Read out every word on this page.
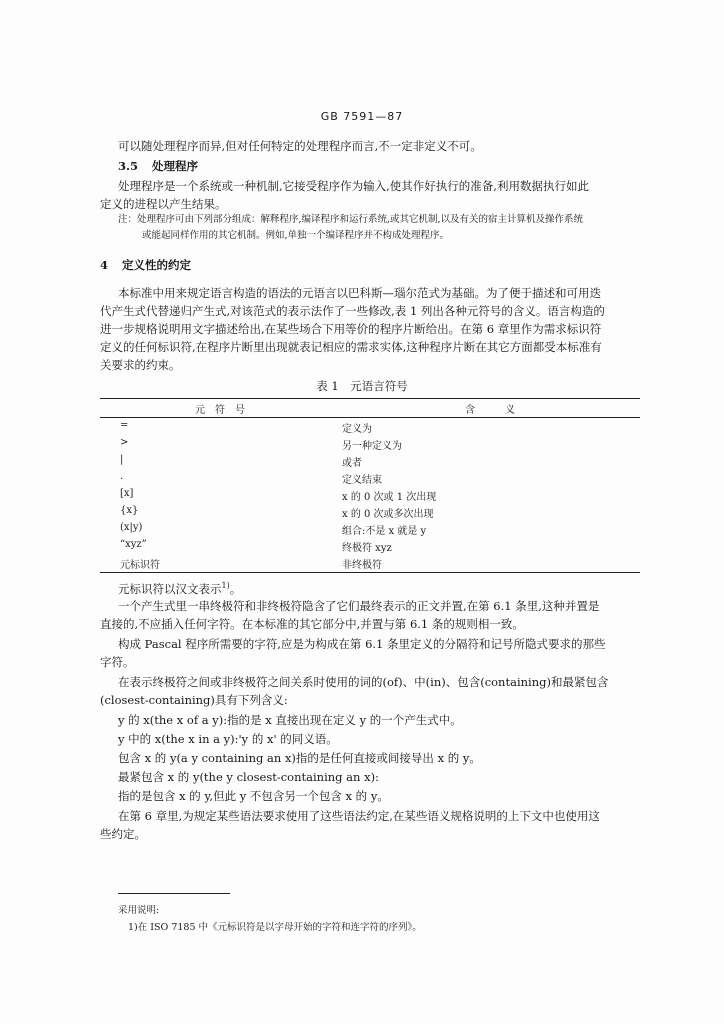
GB 7591—87
可以随处理程序而异,但对任何特定的处理程序而言,不一定非定义不可。
3.5 处理程序
处理程序是一个系统或一种机制,它接受程序作为输入,使其作好执行的准备,利用数据执行如此
定义的进程以产生结果。
注：处理程序可由下列部分组成：解释程序,编译程序和运行系统,或其它机制,以及有关的宿主计算机及操作系统
或能起同样作用的其它机制。例如,单独一个编译程序并不构成处理程序。
4 定义性的约定
本标准中用来规定语言构造的语法的元语言以巴科斯—瑙尔范式为基础。为了便于描述和可用迭
代产生式代替递归产生式,对该范式的表示法作了一些修改,表 1 列出各种元符号的含义。语言构造的
进一步规格说明用文字描述给出,在某些场合下用等价的程序片断给出。在第 6 章里作为需求标识符
定义的任何标识符,在程序片断里出现就表记相应的需求实体,这种程序片断在其它方面都受本标准有
关要求的约束。
表 1　元语言符号
元　符　号	含　　　义
=	定义为
>	另一种定义为
|	或者
.	定义结束
[x]	x 的 0 次或 1 次出现
{x}	x 的 0 次或多次出现
(x|y)	组合:不是 x 就是 y
“xyz”	终极符 xyz
元标识符	非终极符
元标识符以汉文表示$^{1)}$。
一个产生式里一串终极符和非终极符隐含了它们最终表示的正文并置,在第 6.1 条里,这种并置是
直接的,不应插入任何字符。在本标准的其它部分中,并置与第 6.1 条的规则相一致。
构成 Pascal 程序所需要的字符,应是为构成在第 6.1 条里定义的分隔符和记号所隐式要求的那些
字符。
在表示终极符之间或非终极符之间关系时使用的词的(of)、中(in)、包含(containing)和最紧包含
(closest-containing)具有下列含义:
y 的 x(the x of a y):指的是 x 直接出现在定义 y 的一个产生式中。
y 中的 x(the x in a y):'y 的 x' 的同义语。
包含 x 的 y(a y containing an x)指的是任何直接或间接导出 x 的 y。
最紧包含 x 的 y(the y closest-containing an x):
指的是包含 x 的 y,但此 y 不包含另一个包含 x 的 y。
在第 6 章里,为规定某些语法要求使用了这些语法约定,在某些语义规格说明的上下文中也使用这
些约定。
采用说明:
1)在 ISO 7185 中《元标识符是以字母开始的字符和连字符的序列》。
